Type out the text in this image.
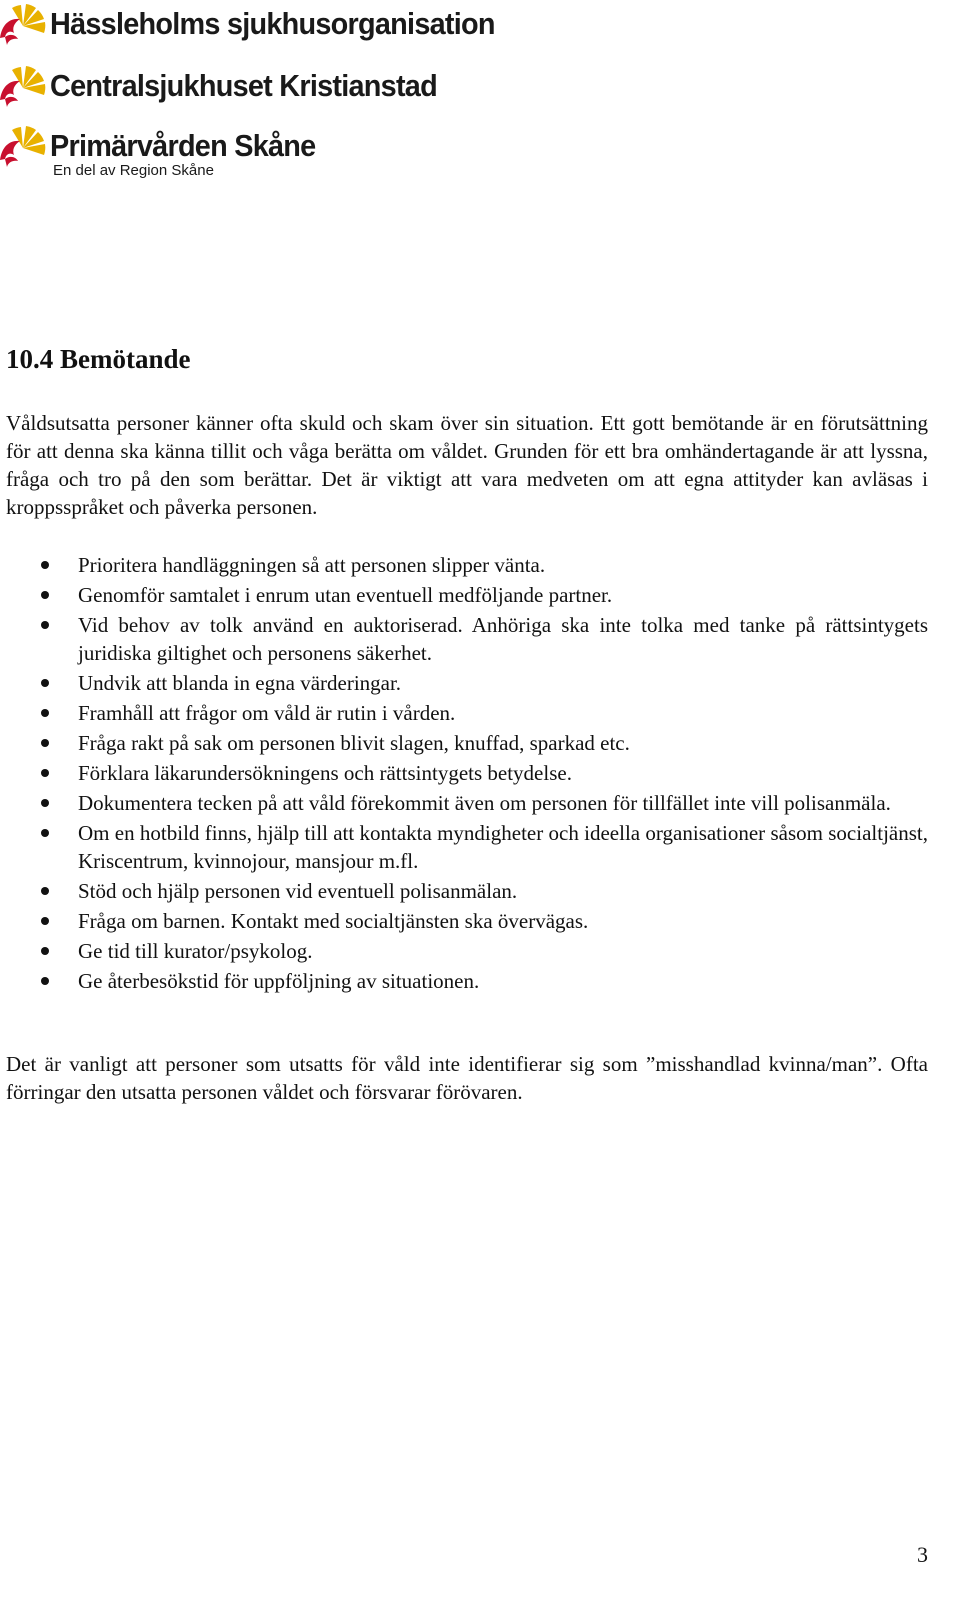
Hässleholms sjukhusorganisation
Centralsjukhuset Kristianstad
Primärvården Skåne
En del av Region Skåne
10.4 Bemötande

Våldsutsatta personer känner ofta skuld och skam över sin situation. Ett gott bemötande är en förutsättning för att denna ska känna tillit och våga berätta om våldet. Grunden för ett bra omhändertagande är att lyssna, fråga och tro på den som berättar. Det är viktigt att vara medveten om att egna attityder kan avläsas i kroppsspråket och påverka personen.

Prioritera handläggningen så att personen slipper vänta.
Genomför samtalet i enrum utan eventuell medföljande partner.
Vid behov av tolk använd en auktoriserad. Anhöriga ska inte tolka med tanke på rättsintygets juridiska giltighet och personens säkerhet.
Undvik att blanda in egna värderingar.
Framhåll att frågor om våld är rutin i vården.
Fråga rakt på sak om personen blivit slagen, knuffad, sparkad etc.
Förklara läkarundersökningens och rättsintygets betydelse.
Dokumentera tecken på att våld förekommit även om personen för tillfället inte vill polisanmäla.
Om en hotbild finns, hjälp till att kontakta myndigheter och ideella organisationer såsom socialtjänst, Kriscentrum, kvinnojour, mansjour m.fl.
Stöd och hjälp personen vid eventuell polisanmälan.
Fråga om barnen. Kontakt med socialtjänsten ska övervägas.
Ge tid till kurator/psykolog.
Ge återbesökstid för uppföljning av situationen.

Det är vanligt att personer som utsatts för våld inte identifierar sig som ”misshandlad kvinna/man”. Ofta förringar den utsatta personen våldet och försvarar förövaren.

3
